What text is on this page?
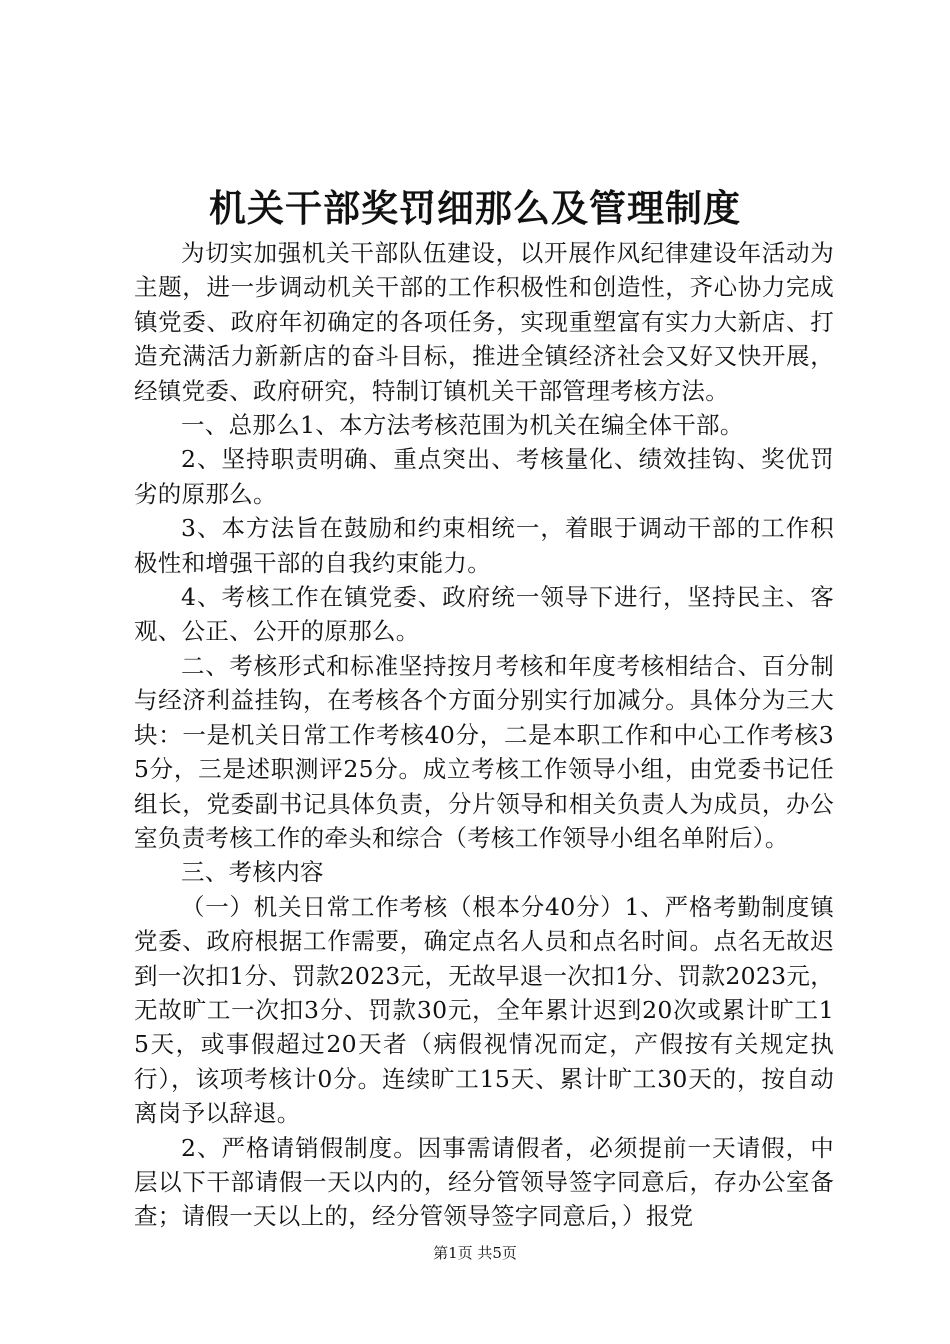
机关干部奖罚细那么及管理制度

为切实加强机关干部队伍建设，以开展作风纪律建设年活动为主题，进一步调动机关干部的工作积极性和创造性，齐心协力完成镇党委、政府年初确定的各项任务，实现重塑富有实力大新店、打造充满活力新新店的奋斗目标，推进全镇经济社会又好又快开展，经镇党委、政府研究，特制订镇机关干部管理考核方法。

一、总那么1、本方法考核范围为机关在编全体干部。

2、坚持职责明确、重点突出、考核量化、绩效挂钩、奖优罚劣的原那么。

3、本方法旨在鼓励和约束相统一，着眼于调动干部的工作积极性和增强干部的自我约束能力。

4、考核工作在镇党委、政府统一领导下进行，坚持民主、客观、公正、公开的原那么。

二、考核形式和标准坚持按月考核和年度考核相结合、百分制与经济利益挂钩，在考核各个方面分别实行加减分。具体分为三大块：一是机关日常工作考核40分，二是本职工作和中心工作考核35分，三是述职测评25分。成立考核工作领导小组，由党委书记任组长，党委副书记具体负责，分片领导和相关负责人为成员，办公室负责考核工作的牵头和综合（考核工作领导小组名单附后）。

三、考核内容

（一）机关日常工作考核（根本分40分）1、严格考勤制度镇党委、政府根据工作需要，确定点名人员和点名时间。点名无故迟到一次扣1分、罚款2023元，无故早退一次扣1分、罚款2023元，无故旷工一次扣3分、罚款30元，全年累计迟到20次或累计旷工15天，或事假超过20天者（病假视情况而定，产假按有关规定执行），该项考核计0分。连续旷工15天、累计旷工30天的，按自动离岗予以辞退。

2、严格请销假制度。因事需请假者，必须提前一天请假，中层以下干部请假一天以内的，经分管领导签字同意后，存办公室备查；请假一天以上的，经分管领导签字同意后，）报党

第1页 共5页
